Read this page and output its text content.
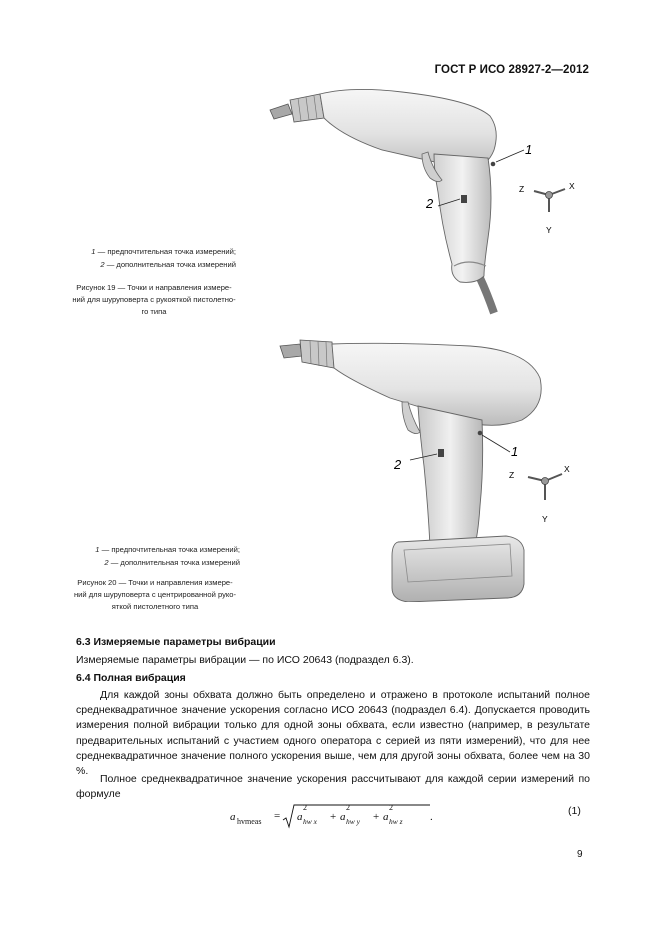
ГОСТ Р ИСО 28927-2—2012
1
2
Z	X
Y
1 — предпочтительная точка измерений;
2 — дополнительная точка измерений
Рисунок 19 — Точки и направления измере-
ний для шуруповерта с рукояткой пистолетно-
го типа
1
2
Z
X
Y
1 — предпочтительная точка измерений;
2 — дополнительная точка измерений
Рисунок 20 — Точки и направления измере-
ний для шуруповерта с центрированной руко-
яткой пистолетного типа
6.3 Измеряемые параметры вибрации
Измеряемые параметры вибрации — по ИСО 20643 (подраздел 6.3).
6.4 Полная вибрация
Для каждой зоны обхвата должно быть определено и отражено в протоколе испытаний полное среднеквадратичное значение ускорения согласно ИСО 20643 (подраздел 6.4). Допускается проводить измерения полной вибрации только для одной зоны обхвата, если известно (например, в результате предварительных испытаний с участием одного оператора с серией из пяти измерений), что для нее среднеквадратичное значение полного ускорения выше, чем для другой зоны обхвата, более чем на 30 %.
Полное среднеквадратичное значение ускорения рассчитывают для каждой серии измерений по формуле
a hvmeas = a
2
hw x + a
2
hw y + a
2
hw z .	(1)
9
